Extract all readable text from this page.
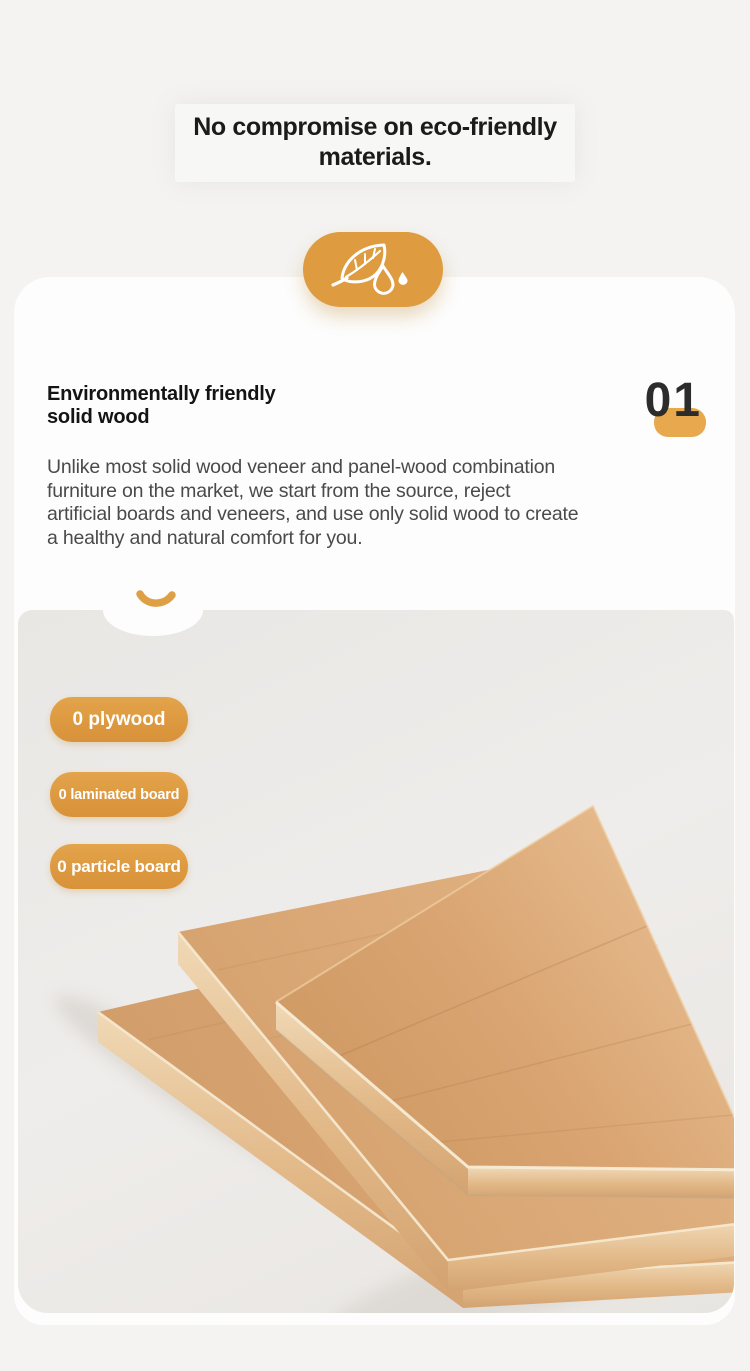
No compromise on eco-friendly
materials.
Environmentally friendly
solid wood	01
Unlike most solid wood veneer and panel-wood combination
furniture on the market, we start from the source, reject
artificial boards and veneers, and use only solid wood to create
a healthy and natural comfort for you.
0 plywood
0 laminated board
0 particle board
